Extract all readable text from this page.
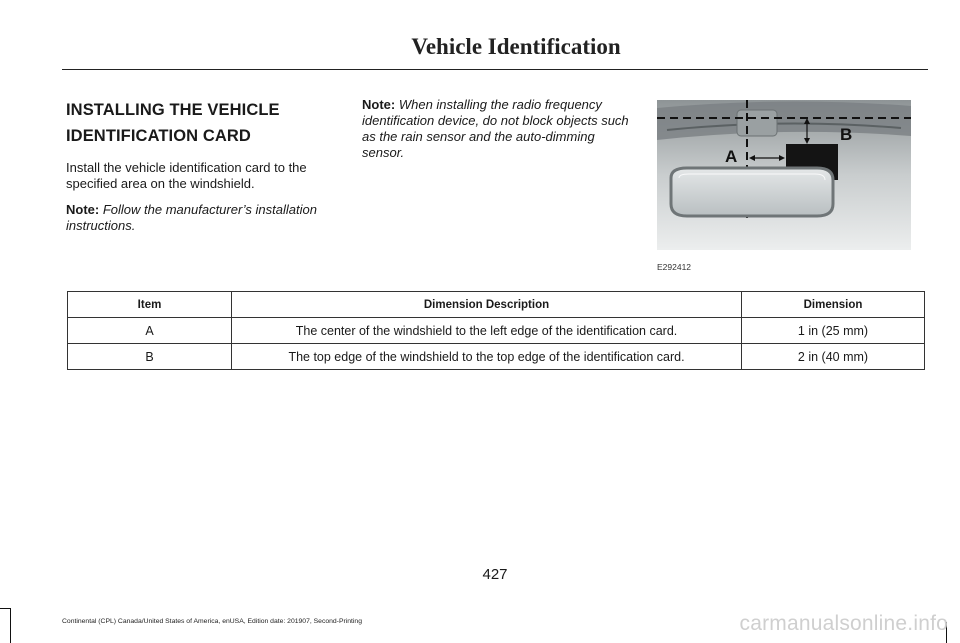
Vehicle Identification
INSTALLING THE VEHICLE
IDENTIFICATION CARD

Install the vehicle identification card to the specified area on the windshield.

Note: Follow the manufacturer’s installation instructions.

Note: When installing the radio frequency identification device, do not block objects such as the rain sensor and the auto-dimming sensor.	A
B
E292412
Item	Dimension Description	Dimension
A	The center of the windshield to the left edge of the identification card.	1 in (25 mm)
B	The top edge of the windshield to the top edge of the identification card.	2 in (40 mm)
427
Continental (CPL) Canada/United States of America, enUSA, Edition date: 201907, Second-Printing	carmanualsonline.info
